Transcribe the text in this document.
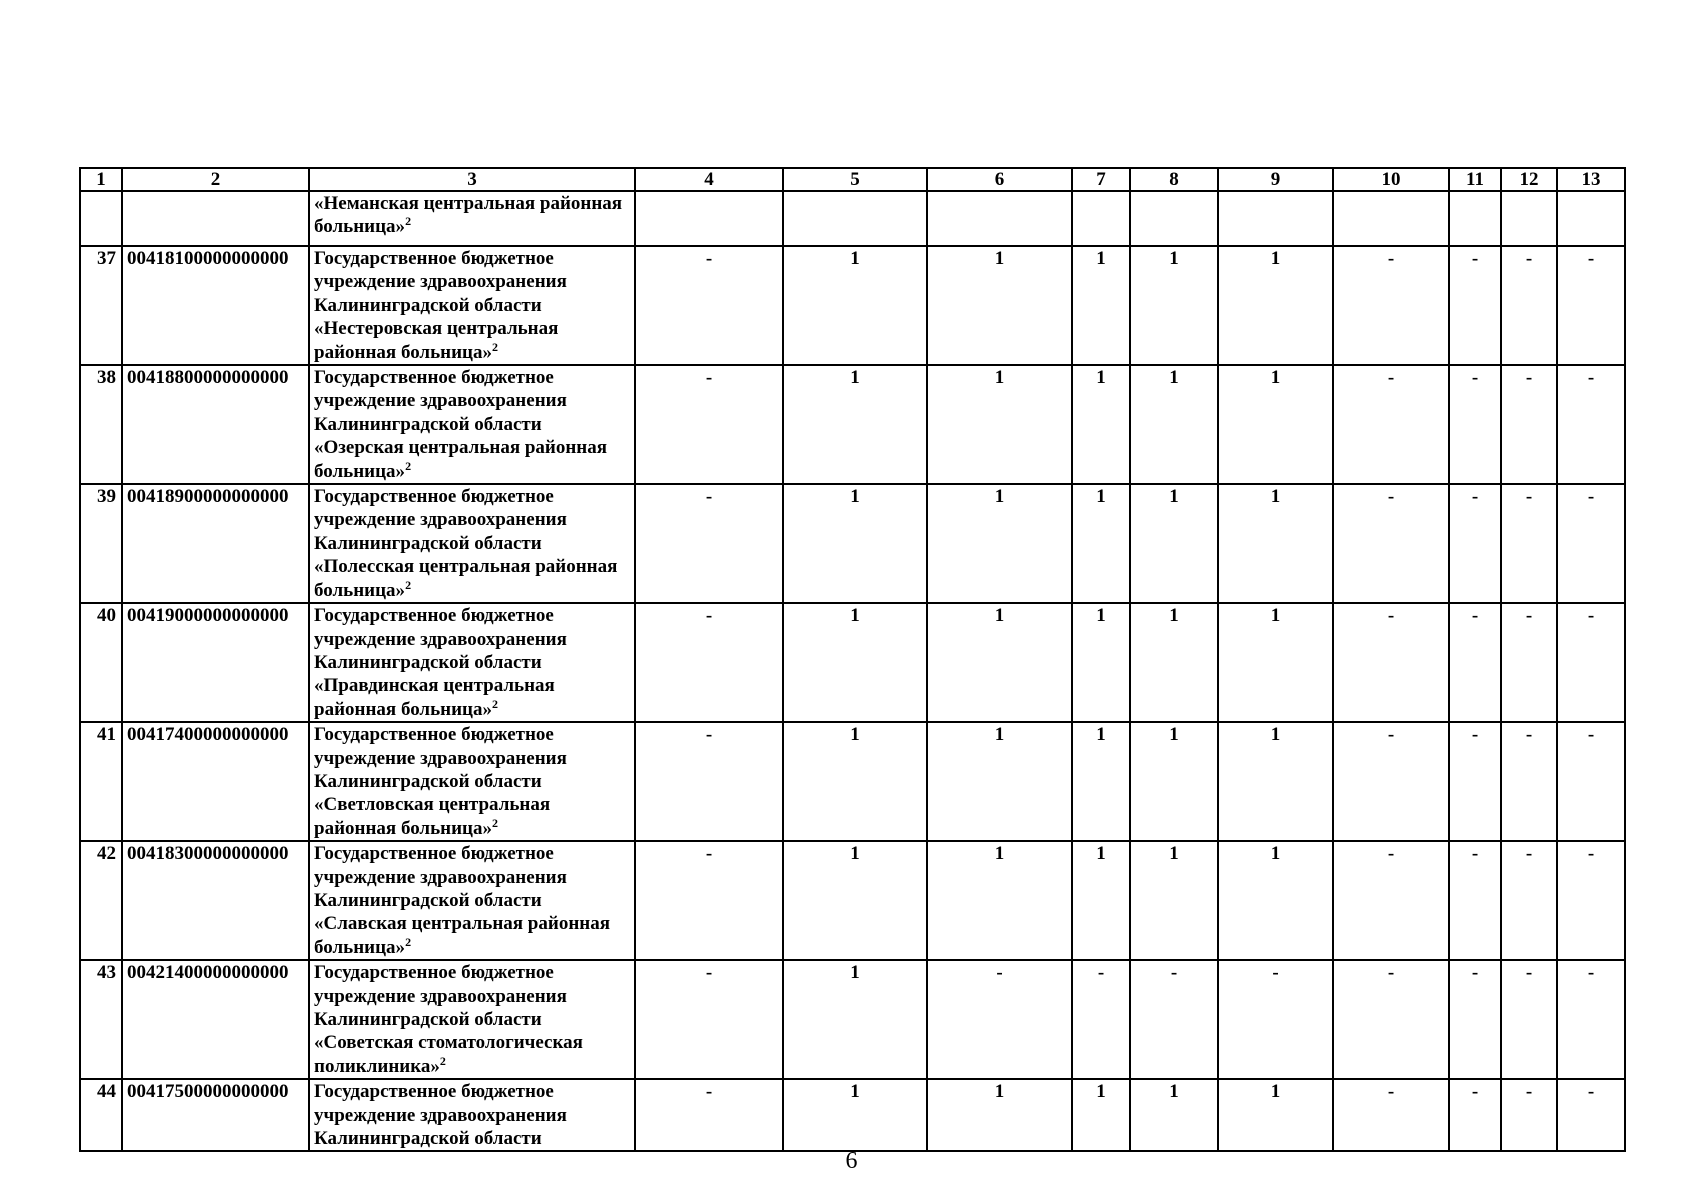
1	2	3	4	5	6	7	8	9	10	11	12	13

		«Неманская центральная районная
больница»$^2$

37	00418100000000000	Государственное бюджетное
учреждение здравоохранения
Калининградской области
«Нестеровская центральная
районная больница»$^2$	-	1	1	1	1	1	-	-	-	-
38	00418800000000000	Государственное бюджетное
учреждение здравоохранения
Калининградской области
«Озерская центральная районная
больница»$^2$	-	1	1	1	1	1	-	-	-	-
39	00418900000000000	Государственное бюджетное
учреждение здравоохранения
Калининградской области
«Полесская центральная районная
больница»$^2$	-	1	1	1	1	1	-	-	-	-
40	00419000000000000	Государственное бюджетное
учреждение здравоохранения
Калининградской области
«Правдинская центральная
районная больница»$^2$	-	1	1	1	1	1	-	-	-	-
41	00417400000000000	Государственное бюджетное
учреждение здравоохранения
Калининградской области
«Светловская центральная
районная больница»$^2$	-	1	1	1	1	1	-	-	-	-
42	00418300000000000	Государственное бюджетное
учреждение здравоохранения
Калининградской области
«Славская центральная районная
больница»$^2$	-	1	1	1	1	1	-	-	-	-
43	00421400000000000	Государственное бюджетное
учреждение здравоохранения
Калининградской области
«Советская стоматологическая
поликлиника»$^2$	-	1	-	-	-	-	-	-	-	-
44	00417500000000000	Государственное бюджетное
учреждение здравоохранения
Калининградской области	-	1	1	1	1	1	-	-	-	-
6
